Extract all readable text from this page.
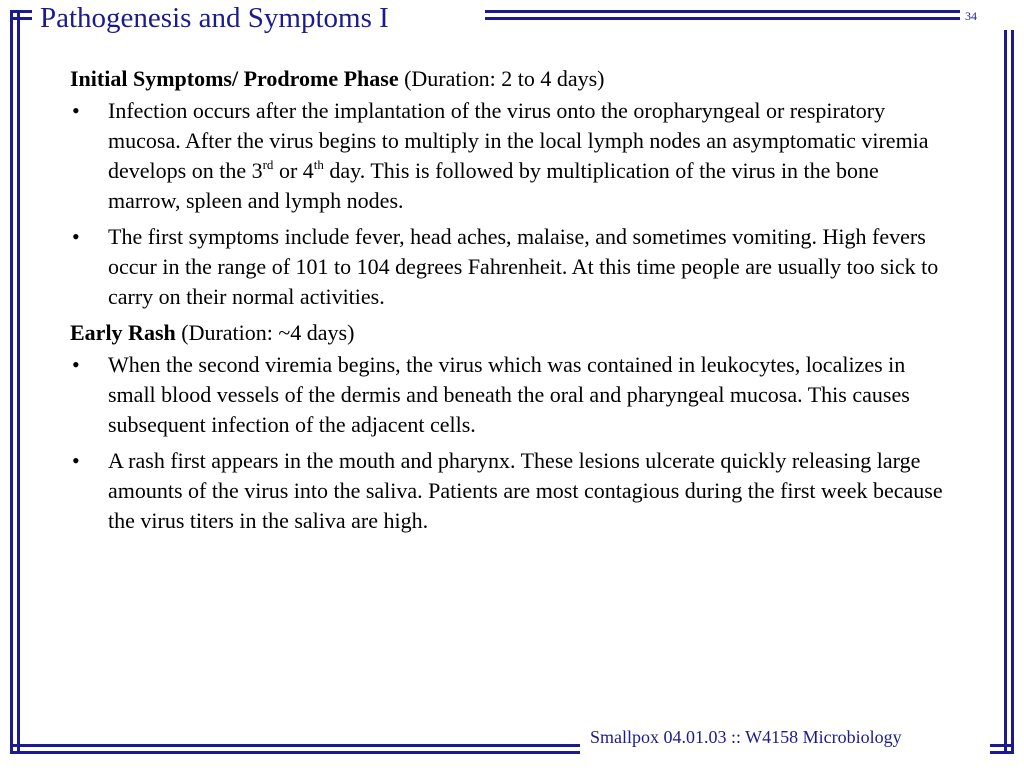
Pathogenesis and Symptoms I	34
Initial Symptoms/ Prodrome Phase (Duration: 2 to 4 days)
• Infection occurs after the implantation of the virus onto the oropharyngeal or respiratory mucosa. After the virus begins to multiply in the local lymph nodes an asymptomatic viremia develops on the 3rd or 4th day. This is followed by multiplication of the virus in the bone marrow, spleen and lymph nodes.
• The first symptoms include fever, head aches, malaise, and sometimes vomiting. High fevers occur in the range of 101 to 104 degrees Fahrenheit. At this time people are usually too sick to carry on their normal activities.
Early Rash (Duration: ~4 days)
• When the second viremia begins, the virus which was contained in leukocytes, localizes in small blood vessels of the dermis and beneath the oral and pharyngeal mucosa. This causes subsequent infection of the adjacent cells.
• A rash first appears in the mouth and pharynx. These lesions ulcerate quickly releasing large amounts of the virus into the saliva. Patients are most contagious during the first week because the virus titers in the saliva are high.
Smallpox 04.01.03 :: W4158 Microbiology
